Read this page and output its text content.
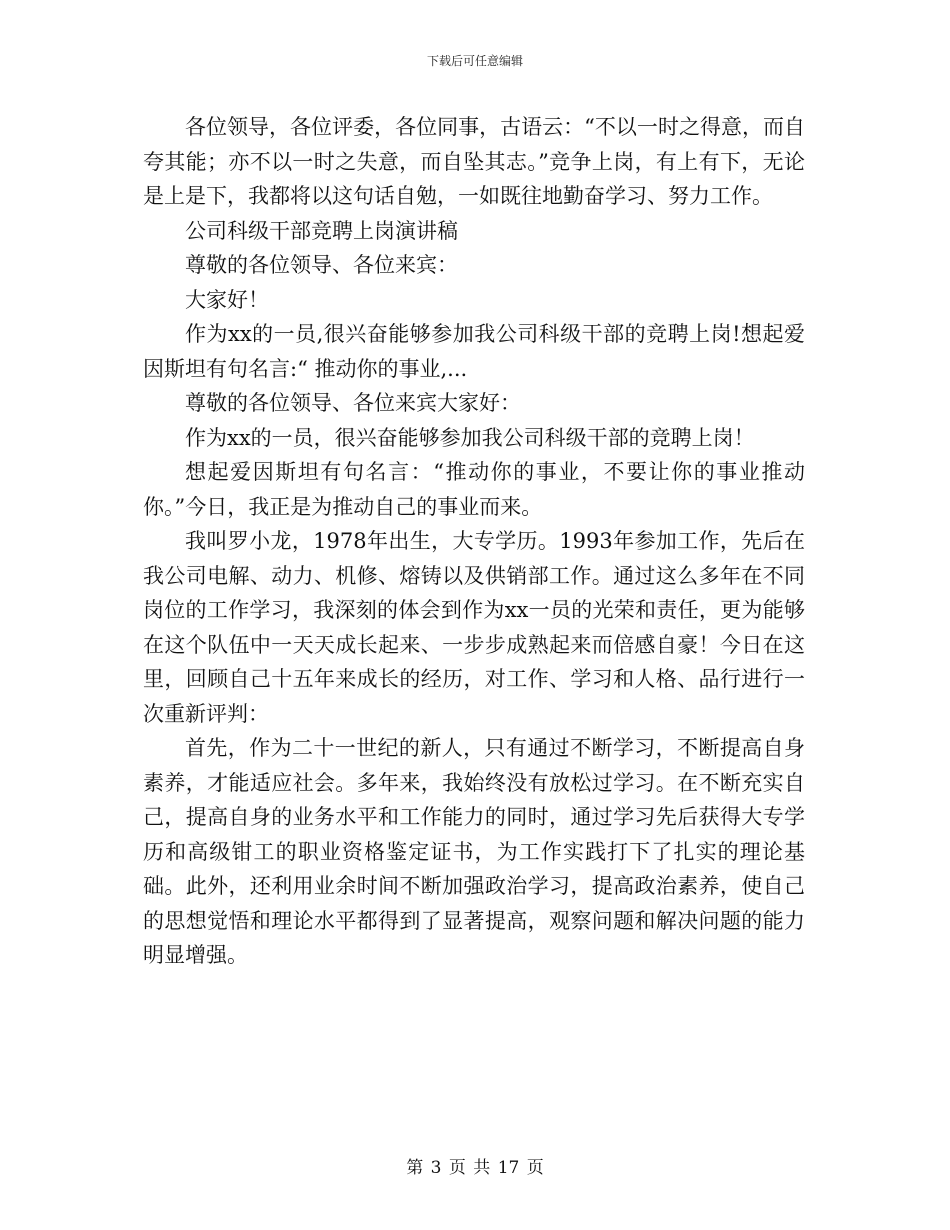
下载后可任意编辑

各位领导，各位评委，各位同事，古语云：“不以一时之得意，而自夸其能；亦不以一时之失意，而自坠其志。”竞争上岗，有上有下，无论是上是下，我都将以这句话自勉，一如既往地勤奋学习、努力工作。

公司科级干部竞聘上岗演讲稿

尊敬的各位领导、各位来宾：

大家好！

作为xx的一员,很兴奋能够参加我公司科级干部的竞聘上岗!想起爱因斯坦有句名言:“ 推动你的事业,...

尊敬的各位领导、各位来宾大家好：

作为xx的一员，很兴奋能够参加我公司科级干部的竞聘上岗！

想起爱因斯坦有句名言：“推动你的事业，不要让你的事业推动你。”今日，我正是为推动自己的事业而来。

我叫罗小龙，1978年出生，大专学历。1993年参加工作，先后在我公司电解、动力、机修、熔铸以及供销部工作。通过这么多年在不同岗位的工作学习，我深刻的体会到作为xx一员的光荣和责任，更为能够在这个队伍中一天天成长起来、一步步成熟起来而倍感自豪！今日在这里，回顾自己十五年来成长的经历，对工作、学习和人格、品行进行一次重新评判：

首先，作为二十一世纪的新人，只有通过不断学习，不断提高自身素养，才能适应社会。多年来，我始终没有放松过学习。在不断充实自己，提高自身的业务水平和工作能力的同时，通过学习先后获得大专学历和高级钳工的职业资格鉴定证书，为工作实践打下了扎实的理论基础。此外，还利用业余时间不断加强政治学习，提高政治素养，使自己的思想觉悟和理论水平都得到了显著提高，观察问题和解决问题的能力明显增强。

第 3 页 共 17 页
